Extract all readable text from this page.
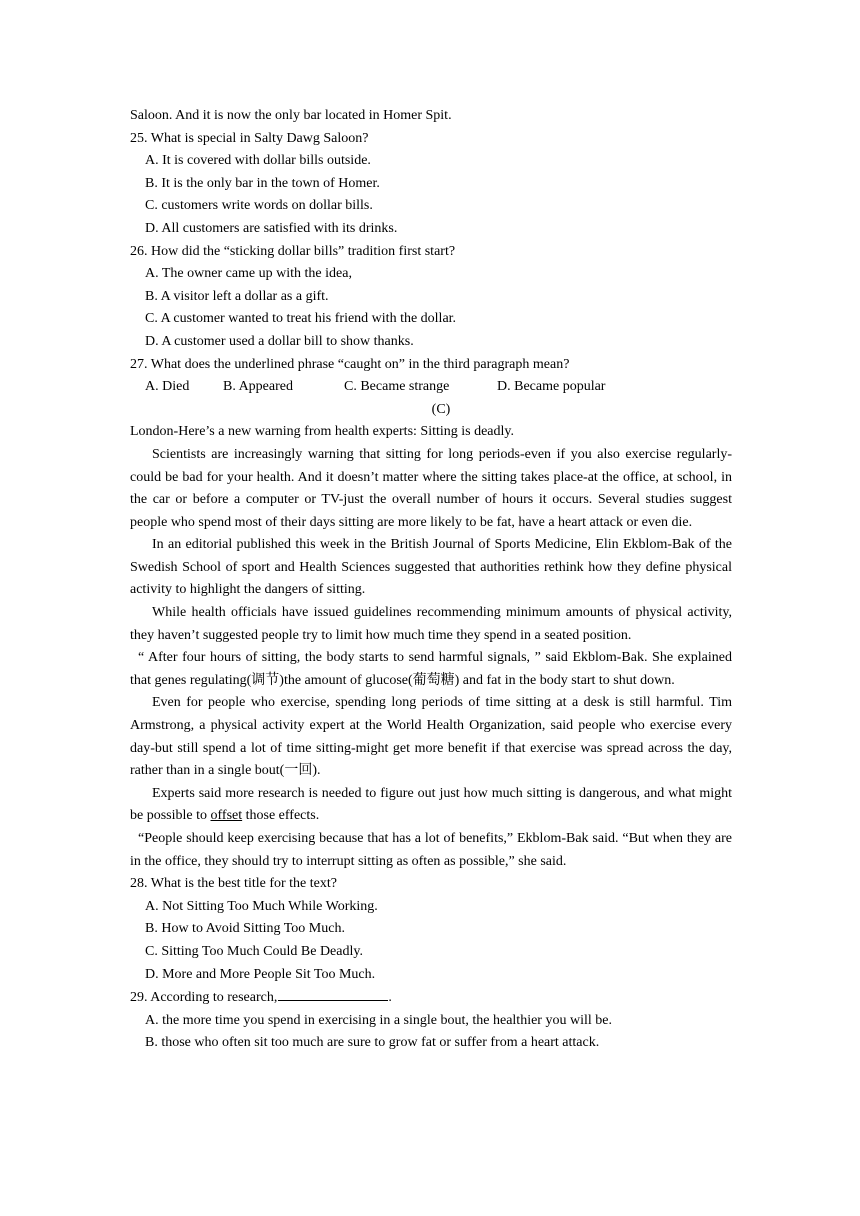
Saloon. And it is now the only bar located in Homer Spit.
25. What is special in Salty Dawg Saloon?
A. It is covered with dollar bills outside.
B. It is the only bar in the town of Homer.
C. customers write words on dollar bills.
D. All customers are satisfied with its drinks.
26. How did the “sticking dollar bills” tradition first start?
A. The owner came up with the idea,
B. A visitor left a dollar as a gift.
C. A customer wanted to treat his friend with the dollar.
D. A customer used a dollar bill to show thanks.
27. What does the underlined phrase “caught on” in the third paragraph mean?
A. Died B. Appeared	C. Became strange	D. Became popular
(C)
London-Here’s a new warning from health experts: Sitting is deadly.

Scientists are increasingly warning that sitting for long periods-even if you also exercise regularly-could be bad for your health. And it doesn’t matter where the sitting takes place-at the office, at school, in the car or before a computer or TV-just the overall number of hours it occurs. Several studies suggest people who spend most of their days sitting are more likely to be fat, have a heart attack or even die.

In an editorial published this week in the British Journal of Sports Medicine, Elin Ekblom-Bak of the Swedish School of sport and Health Sciences suggested that authorities rethink how they define physical activity to highlight the dangers of sitting.

While health officials have issued guidelines recommending minimum amounts of physical activity, they haven’t suggested people try to limit how much time they spend in a seated position.

“ After four hours of sitting, the body starts to send harmful signals, ” said Ekblom-Bak. She explained that genes regulating(调节)the amount of glucose(葡萄糖) and fat in the body start to shut down.

Even for people who exercise, spending long periods of time sitting at a desk is still harmful. Tim Armstrong, a physical activity expert at the World Health Organization, said people who exercise every day-but still spend a lot of time sitting-might get more benefit if that exercise was spread across the day, rather than in a single bout(一回).

Experts said more research is needed to figure out just how much sitting is dangerous, and what might be possible to offset those effects.

“People should keep exercising because that has a lot of benefits,” Ekblom-Bak said. “But when they are in the office, they should try to interrupt sitting as often as possible,” she said.

28. What is the best title for the text?
A. Not Sitting Too Much While Working.
B. How to Avoid Sitting Too Much.
C. Sitting Too Much Could Be Deadly.
D. More and More People Sit Too Much.
29. According to research,	.
A. the more time you spend in exercising in a single bout, the healthier you will be.
B. those who often sit too much are sure to grow fat or suffer from a heart attack.
